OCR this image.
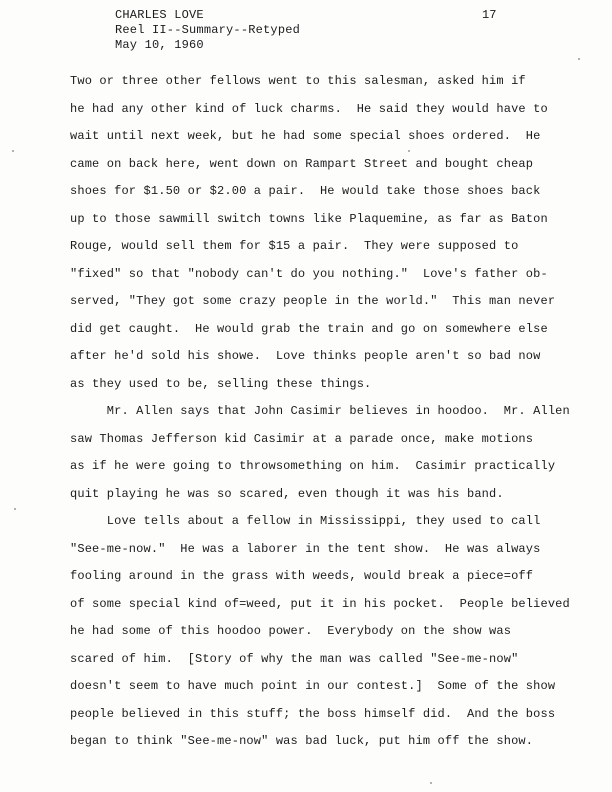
CHARLES LOVE
Reel II--Summary--Retyped
May 10, 1960
17
Two or three other fellows went to this salesman, asked him if
he had any other kind of luck charms.  He said they would have to
wait until next week, but he had some special shoes ordered.  He
came on back here, went down on Rampart Street and bought cheap
shoes for $1.50 or $2.00 a pair.  He would take those shoes back
up to those sawmill switch towns like Plaquemine, as far as Baton
Rouge, would sell them for $15 a pair.  They were supposed to
"fixed" so that "nobody can't do you nothing."  Love's father ob-
served, "They got some crazy people in the world."  This man never
did get caught.  He would grab the train and go on somewhere else
after he'd sold his showe.  Love thinks people aren't so bad now
as they used to be, selling these things.
Mr. Allen says that John Casimir believes in hoodoo.  Mr. Allen
saw Thomas Jefferson kid Casimir at a parade once, make motions
as if he were going to throwsomething on him.  Casimir practically
quit playing he was so scared, even though it was his band.
Love tells about a fellow in Mississippi, they used to call
"See-me-now."  He was a laborer in the tent show.  He was always
fooling around in the grass with weeds, would break a piece=off
of some special kind of=weed, put it in his pocket.  People believed
he had some of this hoodoo power.  Everybody on the show was
scared of him.  [Story of why the man was called "See-me-now"
doesn't seem to have much point in our contest.]  Some of the show
people believed in this stuff; the boss himself did.  And the boss
began to think "See-me-now" was bad luck, put him off the show.
